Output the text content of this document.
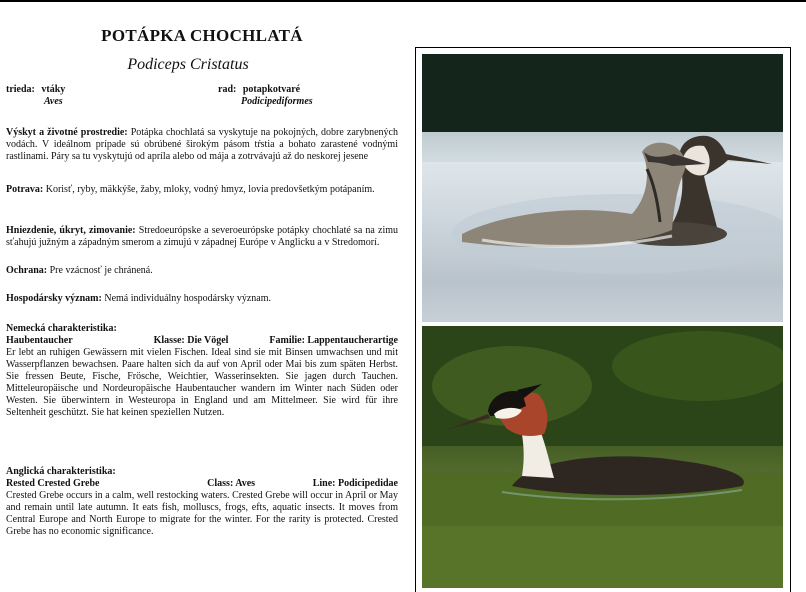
POTÁPKA CHOCHLATÁ
Podiceps Cristatus
trieda: vtáky
Aves
rad: potapkotvaré
Podicipediformes
Výskyt a životné prostredie: Potápka chochlatá sa vyskytuje na pokojných, dobre zarybnených vodách. V ideálnom prípade sú obrúbené širokým pásom tŕstia a bohato zarastené vodnými rastlinami. Páry sa tu vyskytujú od apríla alebo od mája a zotrvávajú až do neskorej jesene
Potrava: Korisť, ryby, mäkkýše, žaby, mloky, vodný hmyz, lovia predovšetkým potápaním.
Hniezdenie, úkryt, zimovanie: Stredoeurópske a severoeurópske potápky chochlaté sa na zimu sťahujú južným a západným smerom a zimujú v západnej Európe v Anglicku a v Stredomorí.
Ochrana: Pre vzácnosť je chránená.
Hospodársky význam: Nemá individuálny hospodársky význam.
Nemecká charakteristika:
Haubentaucher	Klasse: Die Vögel	Familie: Lappentaucherartige
Er lebt an ruhigen Gewässern mit vielen Fischen. Ideal sind sie mit Binsen umwachsen und mit Wasserpflanzen bewachsen. Paare halten sich da auf von April oder Mai bis zum späten Herbst. Sie fressen Beute, Fische, Frösche, Weichtier, Wasserinsekten. Sie jagen durch Tauchen. Mitteleuropäische und Nordeuropäische Haubentaucher wandern im Winter nach Süden oder Westen. Sie überwintern in Westeuropa in England und am Mittelmeer. Sie wird für ihre Seltenheit geschützt. Sie hat keinen speziellen Nutzen.
Anglická charakteristika:
Rested Crested Grebe	Class: Aves	Line: Podicipedidae
Crested Grebe occurs in a calm, well restocking waters. Crested Grebe will occur in April or May and remain until late autumn. It eats fish, molluscs, frogs, efts, aquatic insects. It moves from Central Europe and North Europe to migrate for the winter. For the rarity is protected. Crested Grebe has no economic significance.
